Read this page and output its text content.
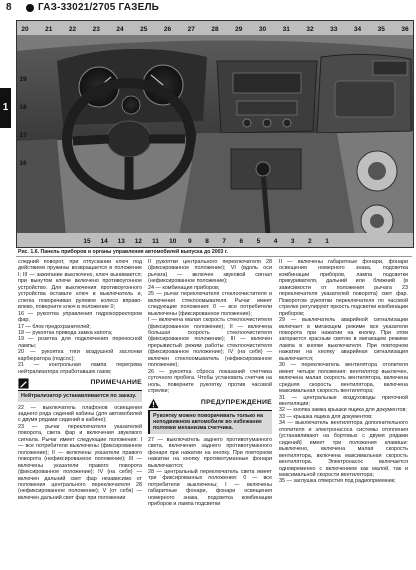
8	ГАЗ-33021/2705 ГАЗЕЛЬ
1
20	21	22	23	24	25	26	27	28	29	30	31	32	33	34	35	36
19
18
17
16
15 14 13 12 11 10 9 8 7 6 5 4 3 2 1
Рис. 1.6. Панель приборов и органы управления автомобилей выпуска до 2003 г.

следний поворот, при отпускании ключ под действием пружины возвращается в положение I; III — зажигание выключено, ключ вынимается; при вынутом ключе включено противоугонное устройство. Для выключения противоугонного устройства вставьте ключ в выключатель и, слегка поворачивая рулевое колесо вправо-влево, поверните ключ в положение 0;

16 — рукоятка управления гидрокорректором фар;

17 — блок предохранителей;

18 — рукоятка привода замка капота;

19 — розетка для подключения переносной лампы;

20 — рукоятка тяги воздушной заслонки карбюратора (подсос);

21 — контрольная лампа перегрева нейтрализатора отработавших газов;

ПРИМЕЧАНИЕ
Нейтрализатор устанавливается по заказу.

22 — выключатель плафонов освещения заднего ряда сидений кабины (для автомобилей с двумя рядами сидений в кабине);

23 — рычаг переключателя указателей поворота, света фар и включения звукового сигнала. Рычаг имеет следующие положения: I — все потребители выключены (фиксированное положение); II — включены указатели правого поворота (нефиксированное положение); III — включены указатели правого поворота (фиксированное положение); IV (на себя) — включен дальний свет фар независимо от положения центрального переключателя 28 (нефиксированное положение); V (от себя) — включен дальний свет фар при положении

II рукоятки центрального переключателя 28 (фиксированное положение); VI (вдоль оси рычага) — включен звуковой сигнал (нефиксированное положение);

24 — комбинация приборов;

25 — рычаг переключателя стеклоочистителя и включения стеклоомывателя. Рычаг имеет следующие положения: 0 — все потребители выключены (фиксированное положение);

I — включена малая скорость стеклоочистителя (фиксированное положение); II — включена большая скорость стеклоочистителя (фиксированное положение); III — включен прерывистый режим работы стеклоочистителя (фиксированное положение); IV (на себя) — включен стеклоомыватель (нефиксированное положение);

26 — рукоятка сброса показаний счетчика суточного пробега. Чтобы установить счетчик на ноль, поверните рукоятку против часовой стрелки;

ПРЕДУПРЕЖДЕНИЕ
Рукоятку можно поворачивать только на неподвижном автомобиле во избежание поломки механизма счетчика.

27 — выключатель заднего противотуманного света, включения заднего противотуманного фонаря при нажатии на кнопку. При повторном нажатии на кнопку противотуманные фонари выключаются;

28 — центральный переключатель света имеет три фиксированных положения: 0 — все потребители выключены; I — включены габаритные фонари, фонари освещения номерного знака, подсветка комбинации приборов и лампа подсветки

II — включены габаритные фонари, фонари освещения номерного знака, подсветка комбинации приборов, лампа подсветки прикуривателя, дальний или ближний (в зависимости от положения рычага 23 переключателя указателей поворота) свет фар. Поворотом рукоятки переключателя по часовой стрелке регулируют яркость подсветки комбинации приборов;

29 — выключатель аварийной сигнализации включает в мигающем режиме все указатели поворота при нажатии на кнопку. При этом загорается красным светом в мигающем режиме лампа в кнопке выключателя. При повторном нажатии на кнопку аварийная сигнализация выключается;

30 — переключатель вентилятора отопителя имеет четыре положения: вентилятор выключен, включена малая скорость вентилятора, включена средняя скорость вентилятора, включена максимальная скорость вентилятора;

31 — центральные воздуховоды приточной вентиляции;

32 — кнопка замка крышки ящика для документов;

33 — крышка ящика для документов;

34 — выключатель вентилятора дополнительного отопителя и электронасоса системы отопления (устанавливают на бортовых с двумя рядами сидений) имеет три положения клавиши: выключено, включена малая скорость вентилятора, включена максимальная скорость вентилятора. Электронасос включается одновременно с включением как малой, так и максимальной скорости вентилятора;

35 — заглушка отверстия под радиоприемник;
